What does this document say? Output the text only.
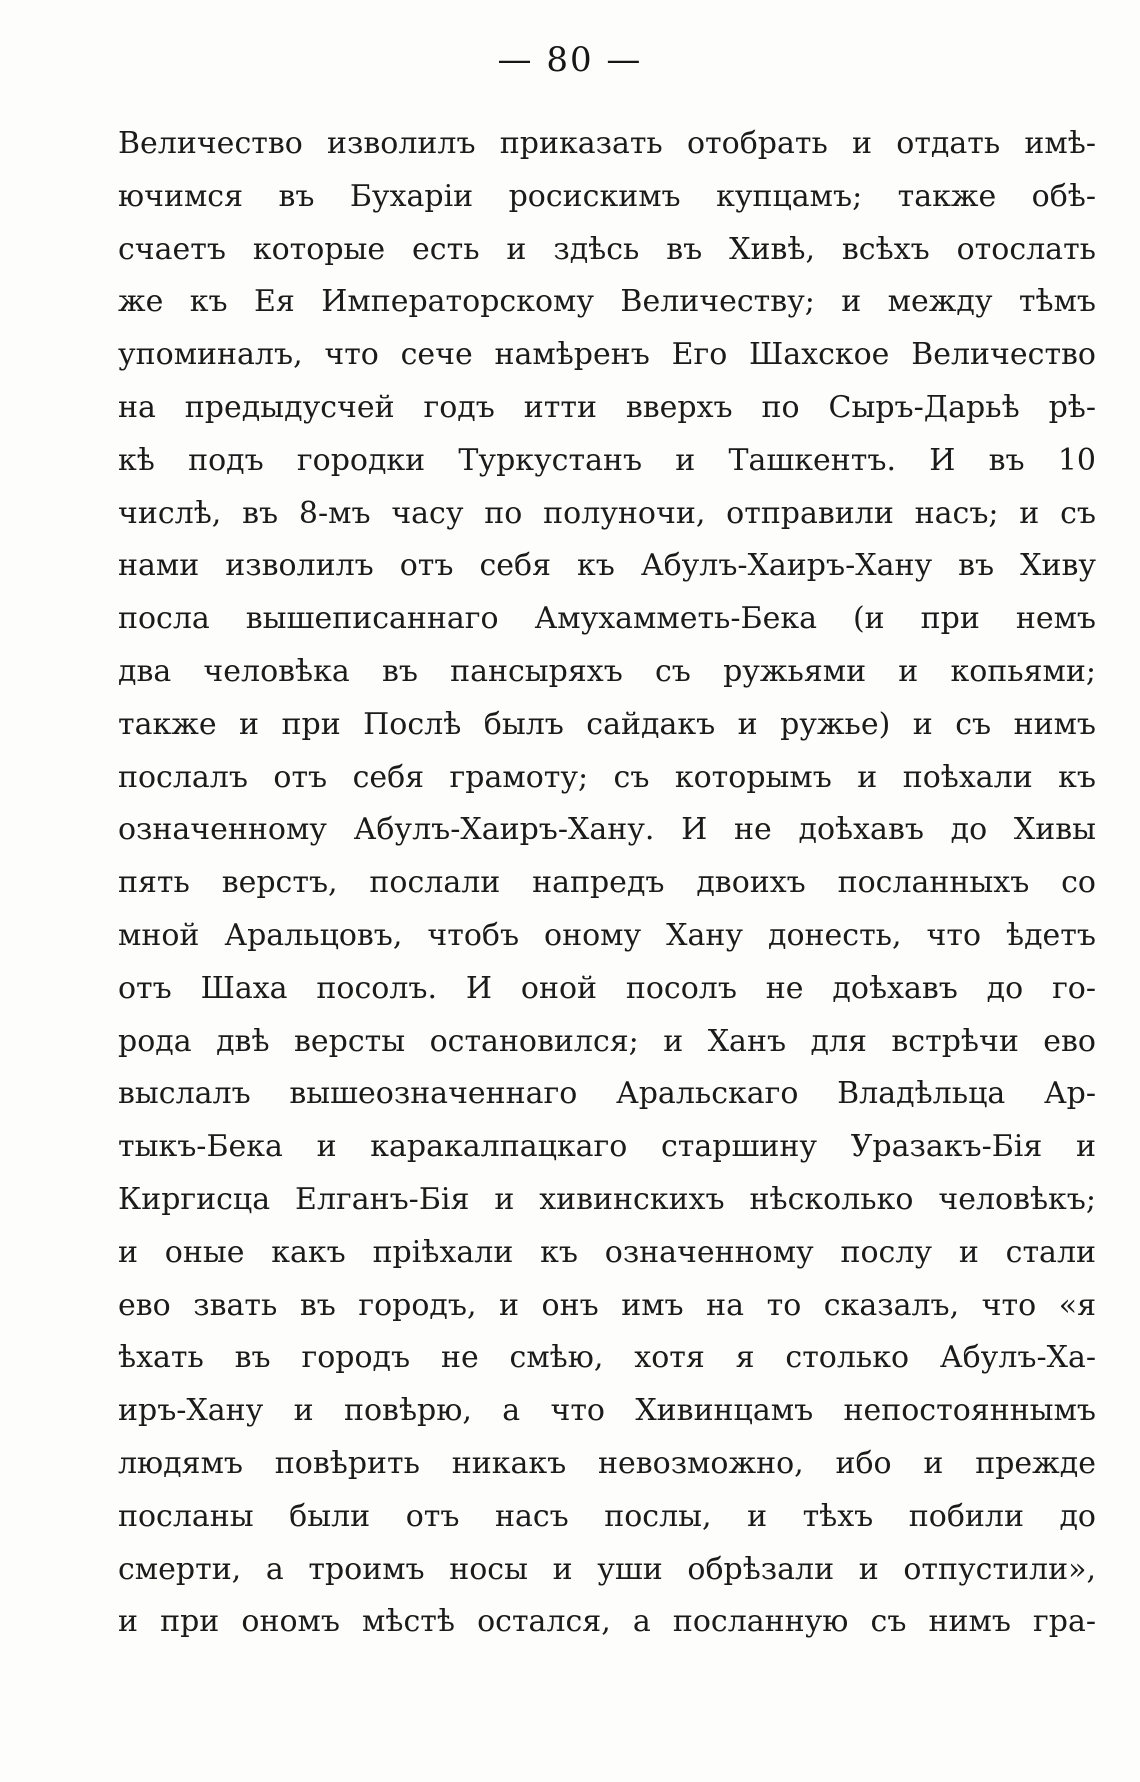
— 80 —
Величество изволилъ приказать отобрать и отдать имѣ-
ючимся въ Бухаріи росискимъ купцамъ; также обѣ-
счаетъ которые есть и здѣсь въ Хивѣ, всѣхъ отослать
же къ Ея Императорскому Величеству; и между тѣмъ
упоминалъ, что сече намѣренъ Его Шахское Величество
на предыдусчей годъ итти вверхъ по Сыръ-Дарьѣ рѣ-
кѣ подъ городки Туркустанъ и Ташкентъ. И въ 10
числѣ, въ 8-мъ часу по полуночи, отправили насъ; и съ
нами изволилъ отъ себя къ Абулъ-Хаиръ-Хану въ Хиву
посла вышеписаннаго Амухамметь-Бека (и при немъ
два человѣка въ пансыряхъ съ ружьями и копьями;
также и при Послѣ былъ сайдакъ и ружье) и съ нимъ
послалъ отъ себя грамоту; съ которымъ и поѣхали къ
означенному Абулъ-Хаиръ-Хану. И не доѣхавъ до Хивы
пять верстъ, послали напредъ двоихъ посланныхъ со
мной Аральцовъ, чтобъ оному Хану донесть, что ѣдетъ
отъ Шаха посолъ. И оной посолъ не доѣхавъ до го-
рода двѣ версты остановился; и Ханъ для встрѣчи ево
выслалъ вышеозначеннаго Аральскаго Владѣльца Ар-
тыкъ-Бека и каракалпацкаго старшину Уразакъ-Бія и
Киргисца Елганъ-Бія и хивинскихъ нѣсколько человѣкъ;
и оные какъ пріѣхали къ означенному послу и стали
ево звать въ городъ, и онъ имъ на то сказалъ, что «я
ѣхать въ городъ не смѣю, хотя я столько Абулъ-Ха-
иръ-Хану и повѣрю, а что Хивинцамъ непостояннымъ
людямъ повѣрить никакъ невозможно, ибо и прежде
посланы были отъ насъ послы, и тѣхъ побили до
смерти, а троимъ носы и уши обрѣзали и отпустили»,
и при ономъ мѣстѣ остался, а посланную съ нимъ гра-
